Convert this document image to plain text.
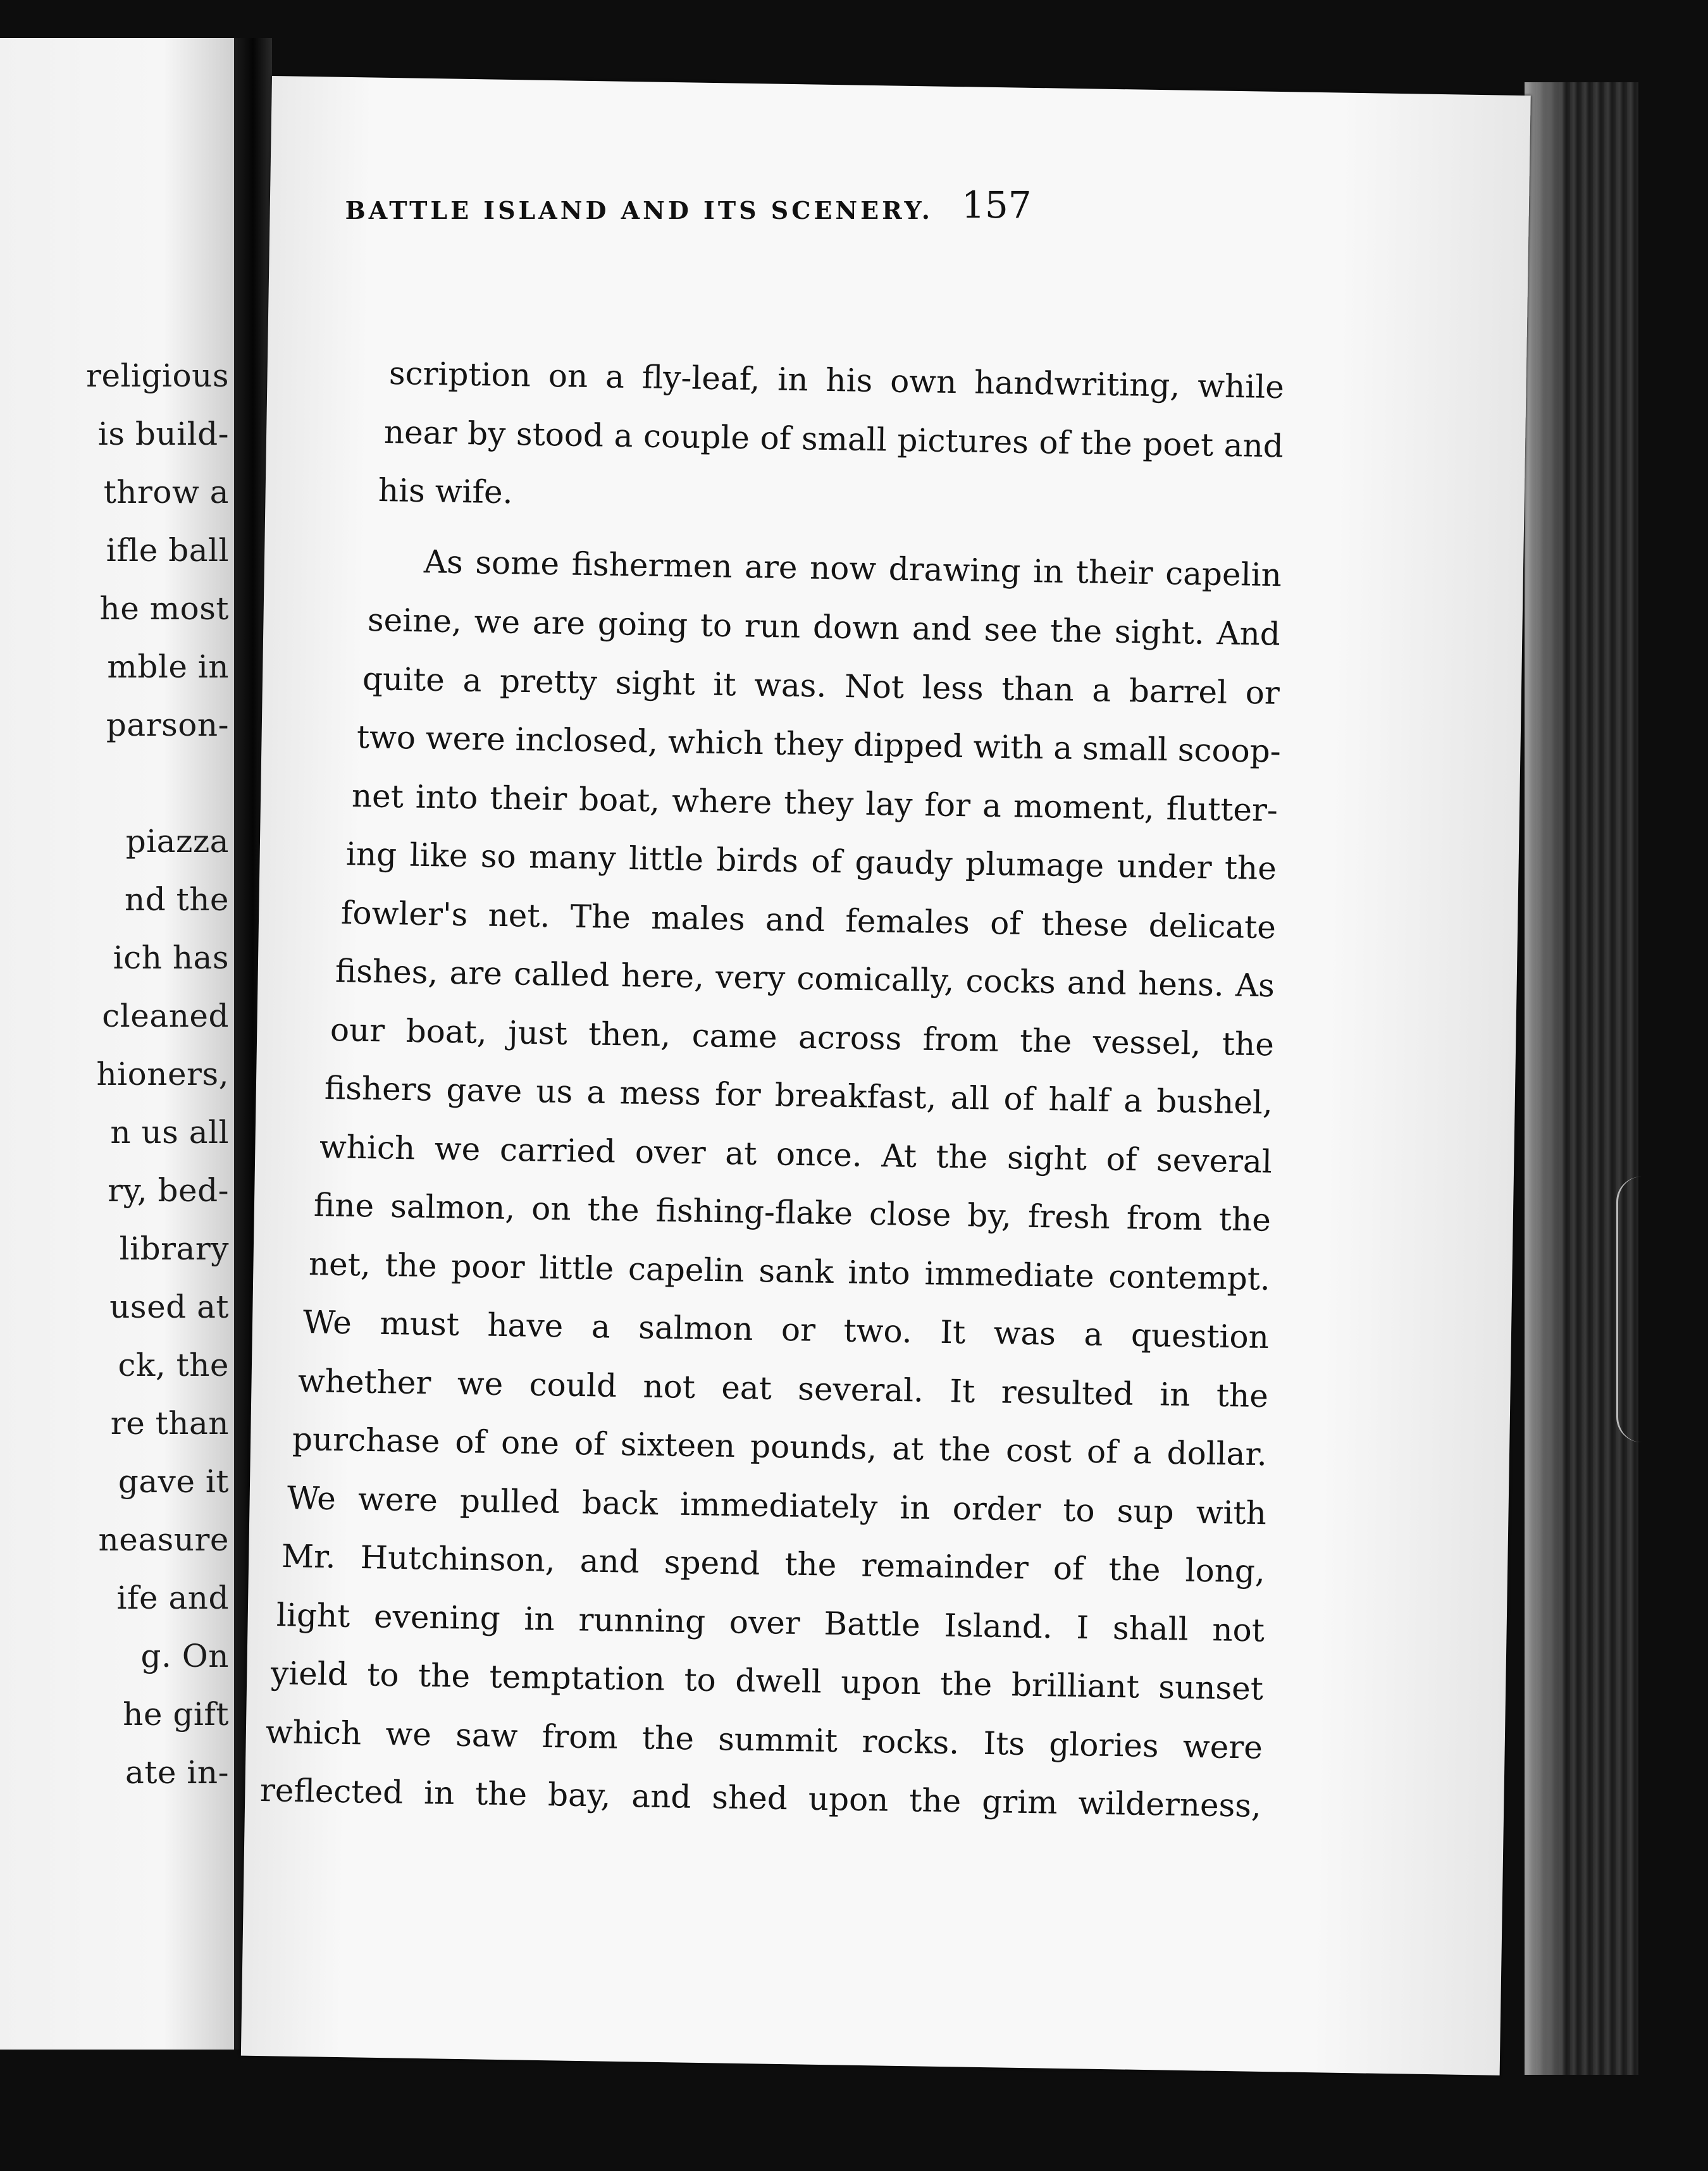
religious
is build-
throw a
ifle ball
he most
mble in
parson-
piazza
nd the
ich has
cleaned
hioners,
n us all
ry, bed-
library
used at
ck, the
re than
gave it
neasure
ife and
g. On
he gift
ate in-
BATTLE ISLAND AND ITS SCENERY. 157
scription on a fly-leaf, in his own handwriting, while
near by stood a couple of small pictures of the poet and
his wife.
As some fishermen are now drawing in their capelin
seine, we are going to run down and see the sight. And
quite a pretty sight it was. Not less than a barrel or
two were inclosed, which they dipped with a small scoop-
net into their boat, where they lay for a moment, flutter-
ing like so many little birds of gaudy plumage under the
fowler's net. The males and females of these delicate
fishes, are called here, very comically, cocks and hens. As
our boat, just then, came across from the vessel, the
fishers gave us a mess for breakfast, all of half a bushel,
which we carried over at once. At the sight of several
fine salmon, on the fishing-flake close by, fresh from the
net, the poor little capelin sank into immediate contempt.
We must have a salmon or two. It was a question
whether we could not eat several. It resulted in the
purchase of one of sixteen pounds, at the cost of a dollar.
We were pulled back immediately in order to sup with
Mr. Hutchinson, and spend the remainder of the long,
light evening in running over Battle Island. I shall not
yield to the temptation to dwell upon the brilliant sunset
which we saw from the summit rocks. Its glories were
reflected in the bay, and shed upon the grim wilderness,
